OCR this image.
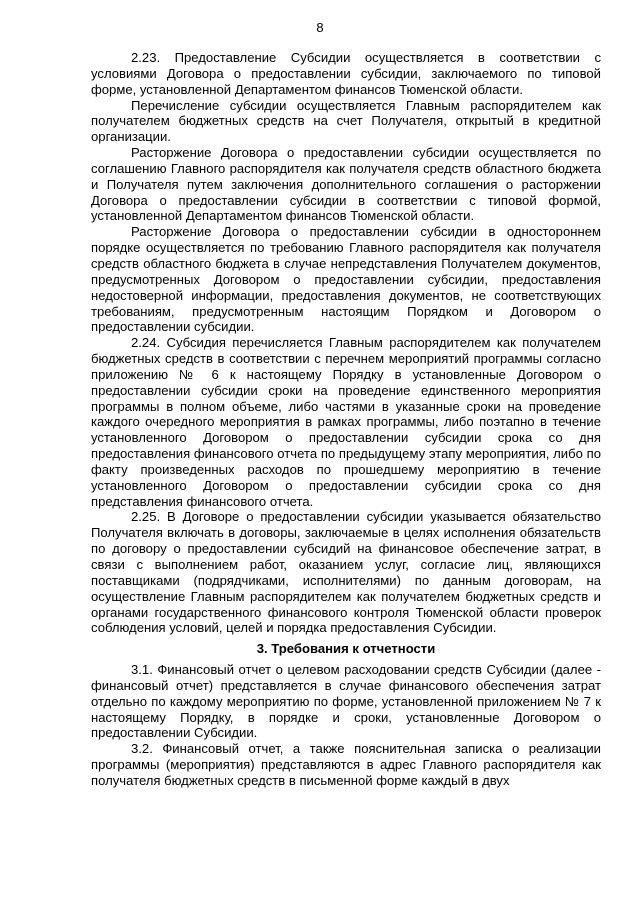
8

2.23. Предоставление Субсидии осуществляется в соответствии с условиями Договора о предоставлении субсидии, заключаемого по типовой форме, установленной Департаментом финансов Тюменской области.

Перечисление субсидии осуществляется Главным распорядителем как получателем бюджетных средств на счет Получателя, открытый в кредитной организации.

Расторжение Договора о предоставлении субсидии осуществляется по соглашению Главного распорядителя как получателя средств областного бюджета и Получателя путем заключения дополнительного соглашения о расторжении Договора о предоставлении субсидии в соответствии с типовой формой, установленной Департаментом финансов Тюменской области.

Расторжение Договора о предоставлении субсидии в одностороннем порядке осуществляется по требованию Главного распорядителя как получателя средств областного бюджета в случае непредставления Получателем документов, предусмотренных Договором о предоставлении субсидии, предоставления недостоверной информации, предоставления документов, не соответствующих требованиям, предусмотренным настоящим Порядком и Договором о предоставлении субсидии.

2.24. Субсидия перечисляется Главным распорядителем как получателем бюджетных средств в соответствии с перечнем мероприятий программы согласно приложению № 6 к настоящему Порядку в установленные Договором о предоставлении субсидии сроки на проведение единственного мероприятия программы в полном объеме, либо частями в указанные сроки на проведение каждого очередного мероприятия в рамках программы, либо поэтапно в течение установленного Договором о предоставлении субсидии срока со дня предоставления финансового отчета по предыдущему этапу мероприятия, либо по факту произведенных расходов по прошедшему мероприятию в течение установленного Договором о предоставлении субсидии срока со дня представления финансового отчета.

2.25. В Договоре о предоставлении субсидии указывается обязательство Получателя включать в договоры, заключаемые в целях исполнения обязательств по договору о предоставлении субсидий на финансовое обеспечение затрат, в связи с выполнением работ, оказанием услуг, согласие лиц, являющихся поставщиками (подрядчиками, исполнителями) по данным договорам, на осуществление Главным распорядителем как получателем бюджетных средств и органами государственного финансового контроля Тюменской области проверок соблюдения условий, целей и порядка предоставления Субсидии.

3. Требования к отчетности

3.1. Финансовый отчет о целевом расходовании средств Субсидии (далее - финансовый отчет) представляется в случае финансового обеспечения затрат отдельно по каждому мероприятию по форме, установленной приложением № 7 к настоящему Порядку, в порядке и сроки, установленные Договором о предоставлении Субсидии.

3.2. Финансовый отчет, а также пояснительная записка о реализации программы (мероприятия) представляются в адрес Главного распорядителя как получателя бюджетных средств в письменной форме каждый в двух
